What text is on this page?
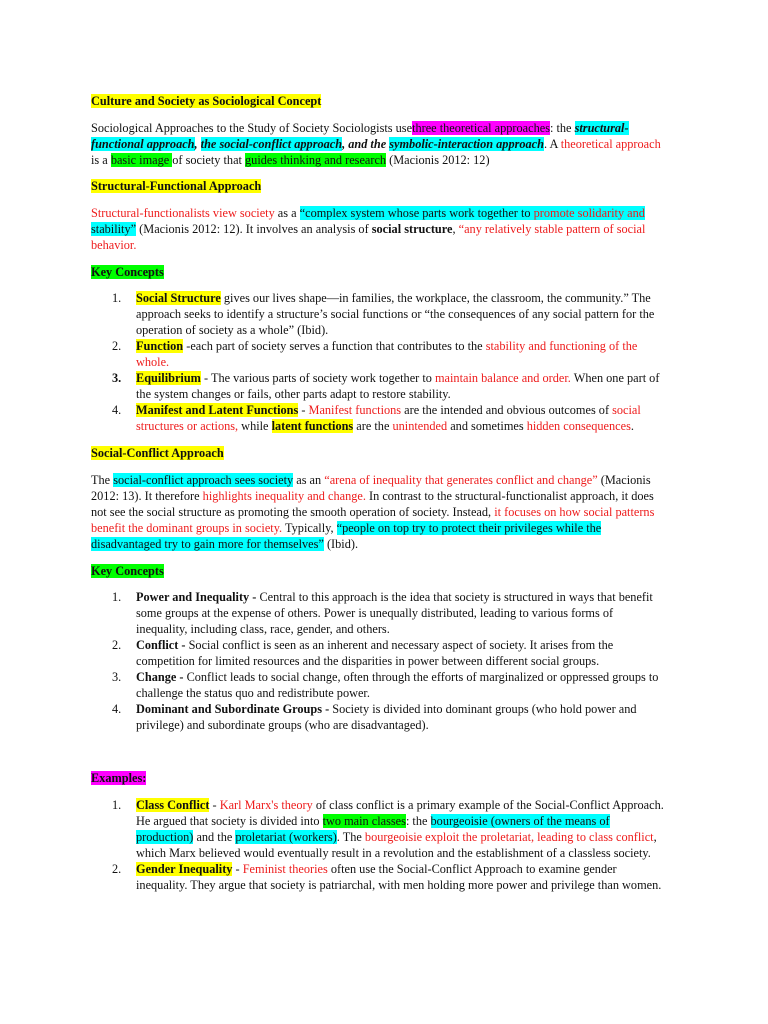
Culture and Society as Sociological Concept

Sociological Approaches to the Study of Society Sociologists usethree theoretical approaches: the structural-

functional approach, the social-conflict approach, and the symbolic-interaction approach. A theoretical approach

is a basic image of society that guides thinking and research (Macionis 2012: 12)

Structural-Functional Approach

Structural-functionalists view society as a “complex system whose parts work together to promote solidarity and

stability” (Macionis 2012: 12). It involves an analysis of social structure, “any relatively stable pattern of social

behavior.

Key Concepts
1. Social Structure gives our lives shape—in families, the workplace, the classroom, the community.” The

approach seeks to identify a structure’s social functions or “the consequences of any social pattern for the

operation of society as a whole” (Ibid).

2. Function -each part of society serves a function that contributes to the stability and functioning of the

whole.

3. Equilibrium - The various parts of society work together to maintain balance and order. When one part of

the system changes or fails, other parts adapt to restore stability.

4. Manifest and Latent Functions - Manifest functions are the intended and obvious outcomes of social

structures or actions, while latent functions are the unintended and sometimes hidden consequences.

Social-Conflict Approach

The social-conflict approach sees society as an “arena of inequality that generates conflict and change” (Macionis

2012: 13). It therefore highlights inequality and change. In contrast to the structural-functionalist approach, it does

not see the social structure as promoting the smooth operation of society. Instead, it focuses on how social patterns

benefit the dominant groups in society. Typically, “people on top try to protect their privileges while the

disadvantaged try to gain more for themselves” (Ibid).

Key Concepts
1. Power and Inequality - Central to this approach is the idea that society is structured in ways that benefit

some groups at the expense of others. Power is unequally distributed, leading to various forms of

inequality, including class, race, gender, and others.

2. Conflict - Social conflict is seen as an inherent and necessary aspect of society. It arises from the

competition for limited resources and the disparities in power between different social groups.

3. Change - Conflict leads to social change, often through the efforts of marginalized or oppressed groups to

challenge the status quo and redistribute power.

4. Dominant and Subordinate Groups - Society is divided into dominant groups (who hold power and

privilege) and subordinate groups (who are disadvantaged).

Examples:
1. Class Conflict - Karl Marx's theory of class conflict is a primary example of the Social-Conflict Approach.

He argued that society is divided into two main classes: the bourgeoisie (owners of the means of

production) and the proletariat (workers). The bourgeoisie exploit the proletariat, leading to class conflict,

which Marx believed would eventually result in a revolution and the establishment of a classless society.

2. Gender Inequality - Feminist theories often use the Social-Conflict Approach to examine gender

inequality. They argue that society is patriarchal, with men holding more power and privilege than women.
